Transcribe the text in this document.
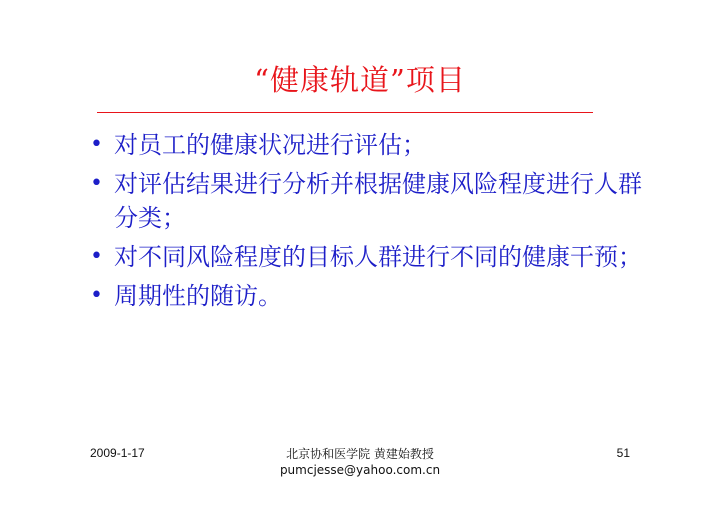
“健康轨道”项目
• 对员工的健康状况进行评估；
• 对评估结果进行分析并根据健康风险程度进行人群分类；
• 对不同风险程度的目标人群进行不同的健康干预；
• 周期性的随访。
2009-1-17	北京协和医学院 黄建始教授
pumcjesse@yahoo.com.cn
51
